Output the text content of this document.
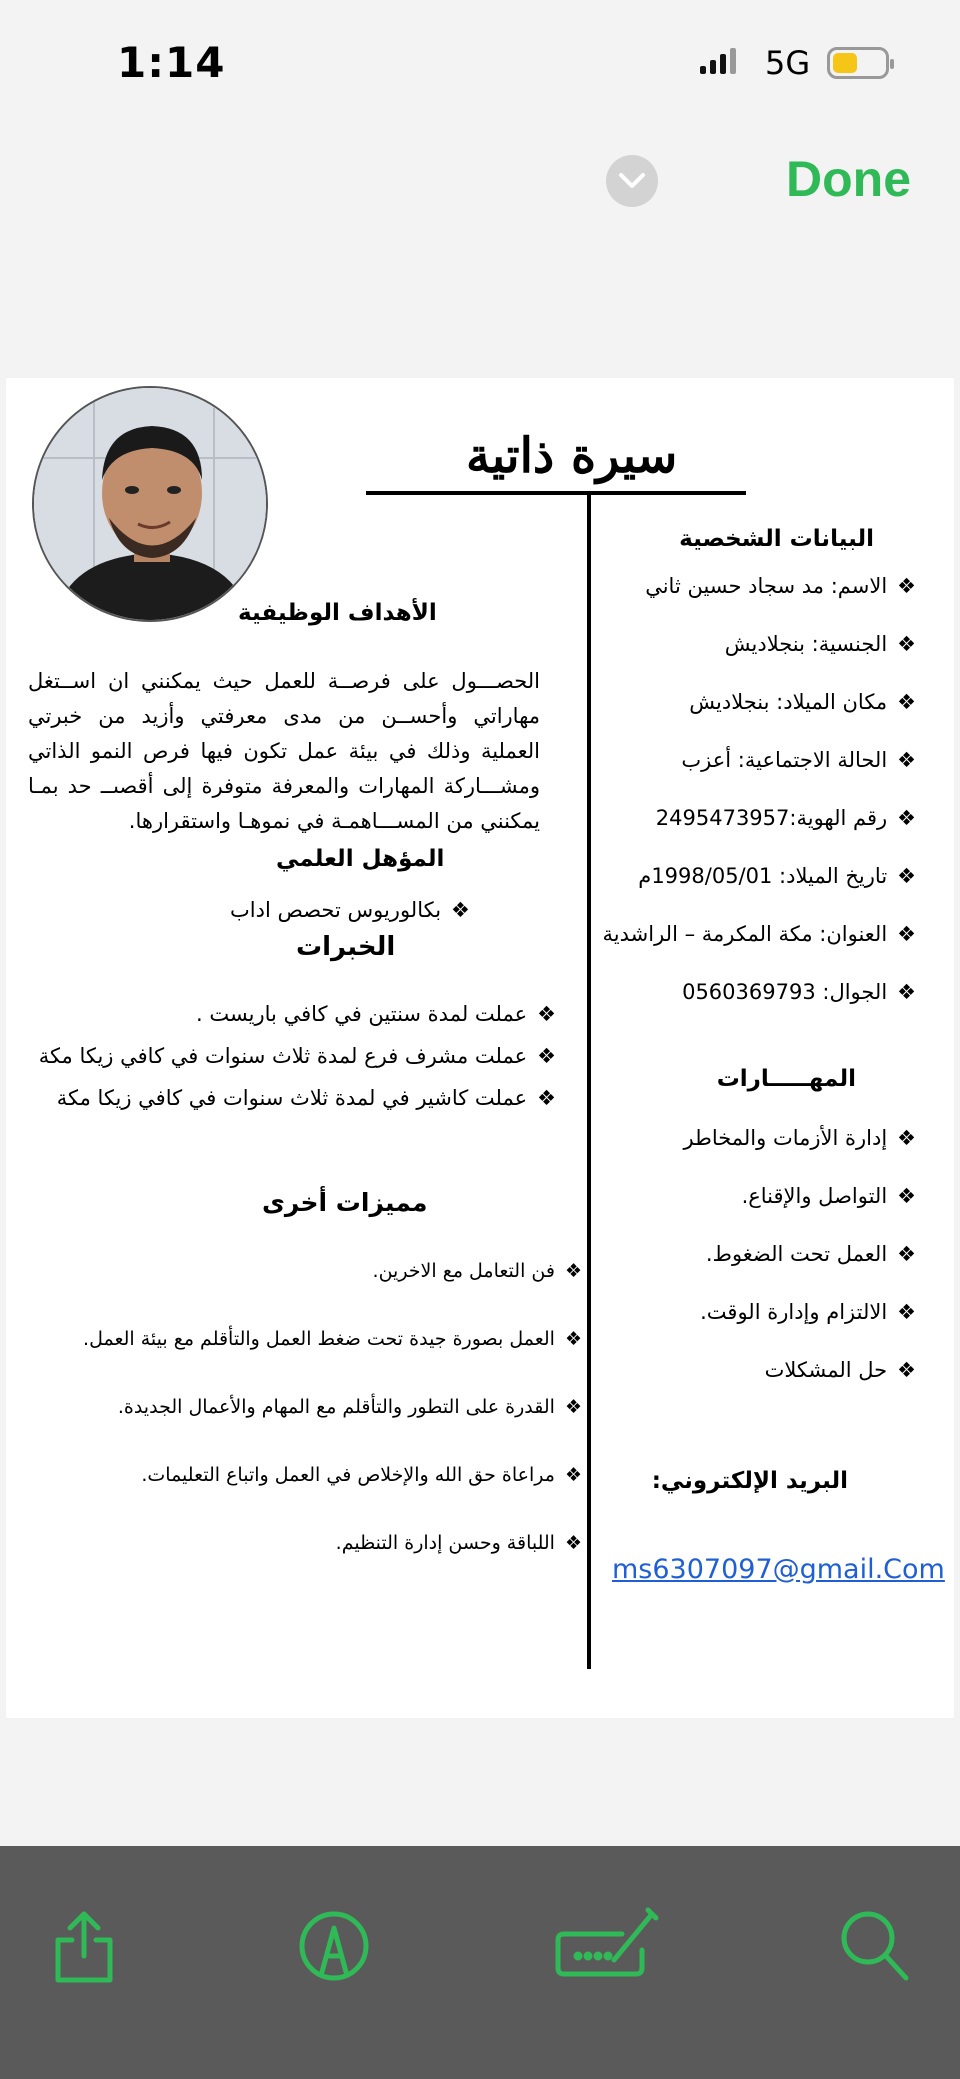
1:14	5G
Done
سيرة ذاتية
البيانات الشخصية
❖الاسم: مد سجاد حسين ثاني
❖الجنسية: بنجلاديش
❖مكان الميلاد: بنجلاديش
❖الحالة الاجتماعية: أعزب
❖رقم الهوية:2495473957
❖تاريخ الميلاد: 1998/05/01م
❖العنوان: مكة المكرمة – الراشدية
❖الجوال: 0560369793
المهـــــارات
❖إدارة الأزمات والمخاطر
❖التواصل والإقناع.
❖العمل تحت الضغوط.
❖الالتزام وإدارة الوقت.
❖حل المشكلات
البريد الإلكتروني:
ms6307097@gmail.Com
الأهداف الوظيفية
الحصـــول على فرصــة للعمل حيث يمكنني ان اســتغل مهاراتي وأحســن من مدى معرفتي وأزيد من خبرتي العملية وذلك في بيئة عمل تكون فيها فرص النمو الذاتي ومشـــاركة المهارات والمعرفة متوفرة إلى أقصىــ حد بمـا يمكنني من المســـاهمـة في نموهـا واستقرارها.
المؤهل العلمي
❖بكالوريوس تحصص اداب
الخبرات
❖عملت لمدة سنتين في كافي باريست .
❖عملت مشرف فرع لمدة ثلاث سنوات في كافي زيكا مكة
❖عملت كاشير في لمدة ثلاث سنوات في كافي زيكا مكة
مميزات أخرى
❖فن التعامل مع الاخرين.
❖العمل بصورة جيدة تحت ضغط العمل والتأقلم مع بيئة العمل.
❖القدرة على التطور والتأقلم مع المهام والأعمال الجديدة.
❖مراعاة حق الله والإخلاص في العمل واتباع التعليمات.
❖اللباقة وحسن إدارة التنظيم.
